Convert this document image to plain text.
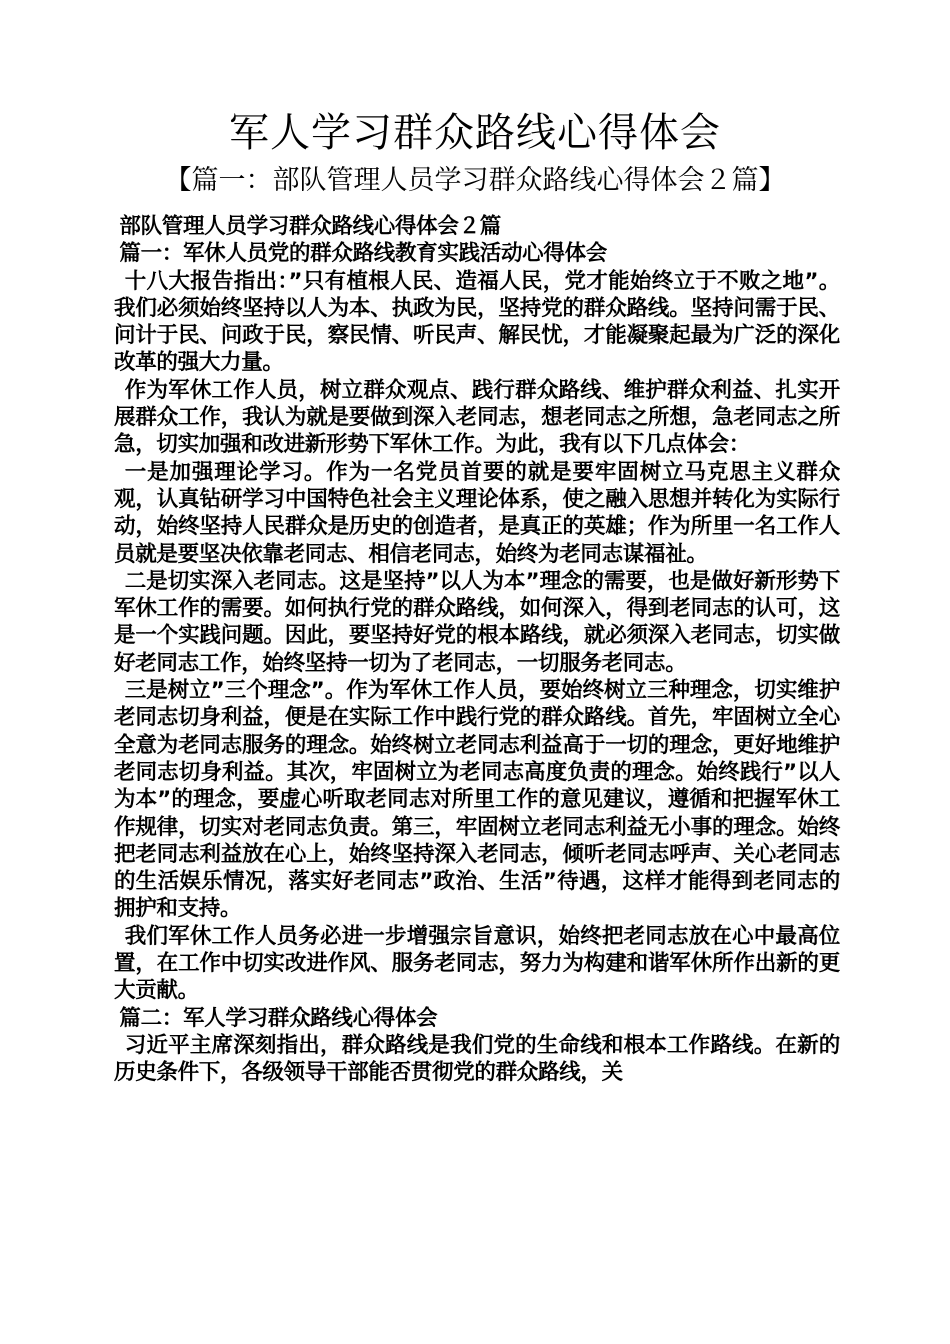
军人学习群众路线心得体会
【篇一：部队管理人员学习群众路线心得体会２篇】

部队管理人员学习群众路线心得体会２篇

篇一：军休人员党的群众路线教育实践活动心得体会

十八大报告指出：”只有植根人民、造福人民，党才能始终立于不败之地”。我们必须始终坚持以人为本、执政为民，坚持党的群众路线。坚持问需于民、问计于民、问政于民，察民情、听民声、解民忧，才能凝聚起最为广泛的深化改革的强大力量。

作为军休工作人员，树立群众观点、践行群众路线、维护群众利益、扎实开展群众工作，我认为就是要做到深入老同志，想老同志之所想，急老同志之所急，切实加强和改进新形势下军休工作。为此，我有以下几点体会：

一是加强理论学习。作为一名党员首要的就是要牢固树立马克思主义群众观，认真钻研学习中国特色社会主义理论体系，使之融入思想并转化为实际行动，始终坚持人民群众是历史的创造者，是真正的英雄；作为所里一名工作人员就是要坚决依靠老同志、相信老同志，始终为老同志谋福祉。

二是切实深入老同志。这是坚持”以人为本”理念的需要，也是做好新形势下军休工作的需要。如何执行党的群众路线，如何深入，得到老同志的认可，这是一个实践问题。因此，要坚持好党的根本路线，就必须深入老同志，切实做好老同志工作，始终坚持一切为了老同志，一切服务老同志。

三是树立”三个理念”。作为军休工作人员，要始终树立三种理念，切实维护老同志切身利益，便是在实际工作中践行党的群众路线。首先，牢固树立全心全意为老同志服务的理念。始终树立老同志利益高于一切的理念，更好地维护老同志切身利益。其次，牢固树立为老同志高度负责的理念。始终践行”以人为本”的理念，要虚心听取老同志对所里工作的意见建议，遵循和把握军休工作规律，切实对老同志负责。第三，牢固树立老同志利益无小事的理念。始终把老同志利益放在心上，始终坚持深入老同志，倾听老同志呼声、关心老同志的生活娱乐情况，落实好老同志”政治、生活”待遇，这样才能得到老同志的拥护和支持。

我们军休工作人员务必进一步增强宗旨意识，始终把老同志放在心中最高位置，在工作中切实改进作风、服务老同志，努力为构建和谐军休所作出新的更大贡献。

篇二：军人学习群众路线心得体会

习近平主席深刻指出，群众路线是我们党的生命线和根本工作路线。在新的历史条件下，各级领导干部能否贯彻党的群众路线，关
